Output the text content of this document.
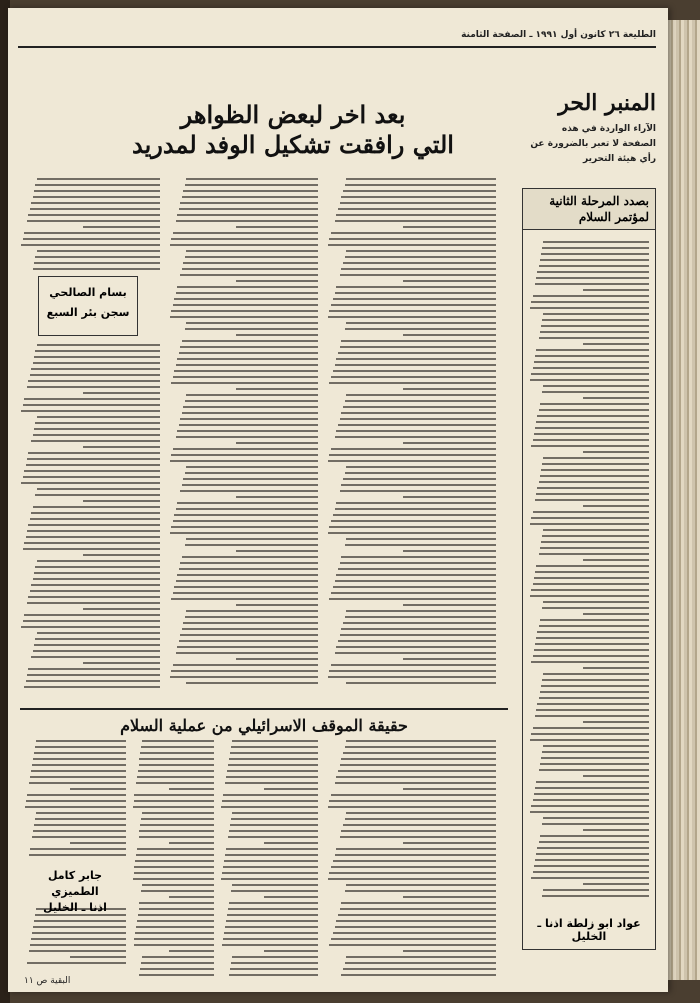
الطليعة ٢٦ كانون أول ١٩٩١ ـ الصفحة الثامنة
المنبر الحر
الآراء الواردة في هذه الصفحة لا تعبر بالضرورة عن رأي هيئة التحرير
بصدد المرحلة الثانية لمؤتمر السلام
عواد ابو زلطة اذنا ـ الخليل
بعد اخر لبعض الظواهر
التي رافقت تشكيل الوفد لمدريد
بسام الصالحي
سجن بئر السبع
حقيقة الموقف الاسرائيلي من عملية السلام
جابر كامل الطميزي
اذنا ـ الخليل
البقية ص ١١
